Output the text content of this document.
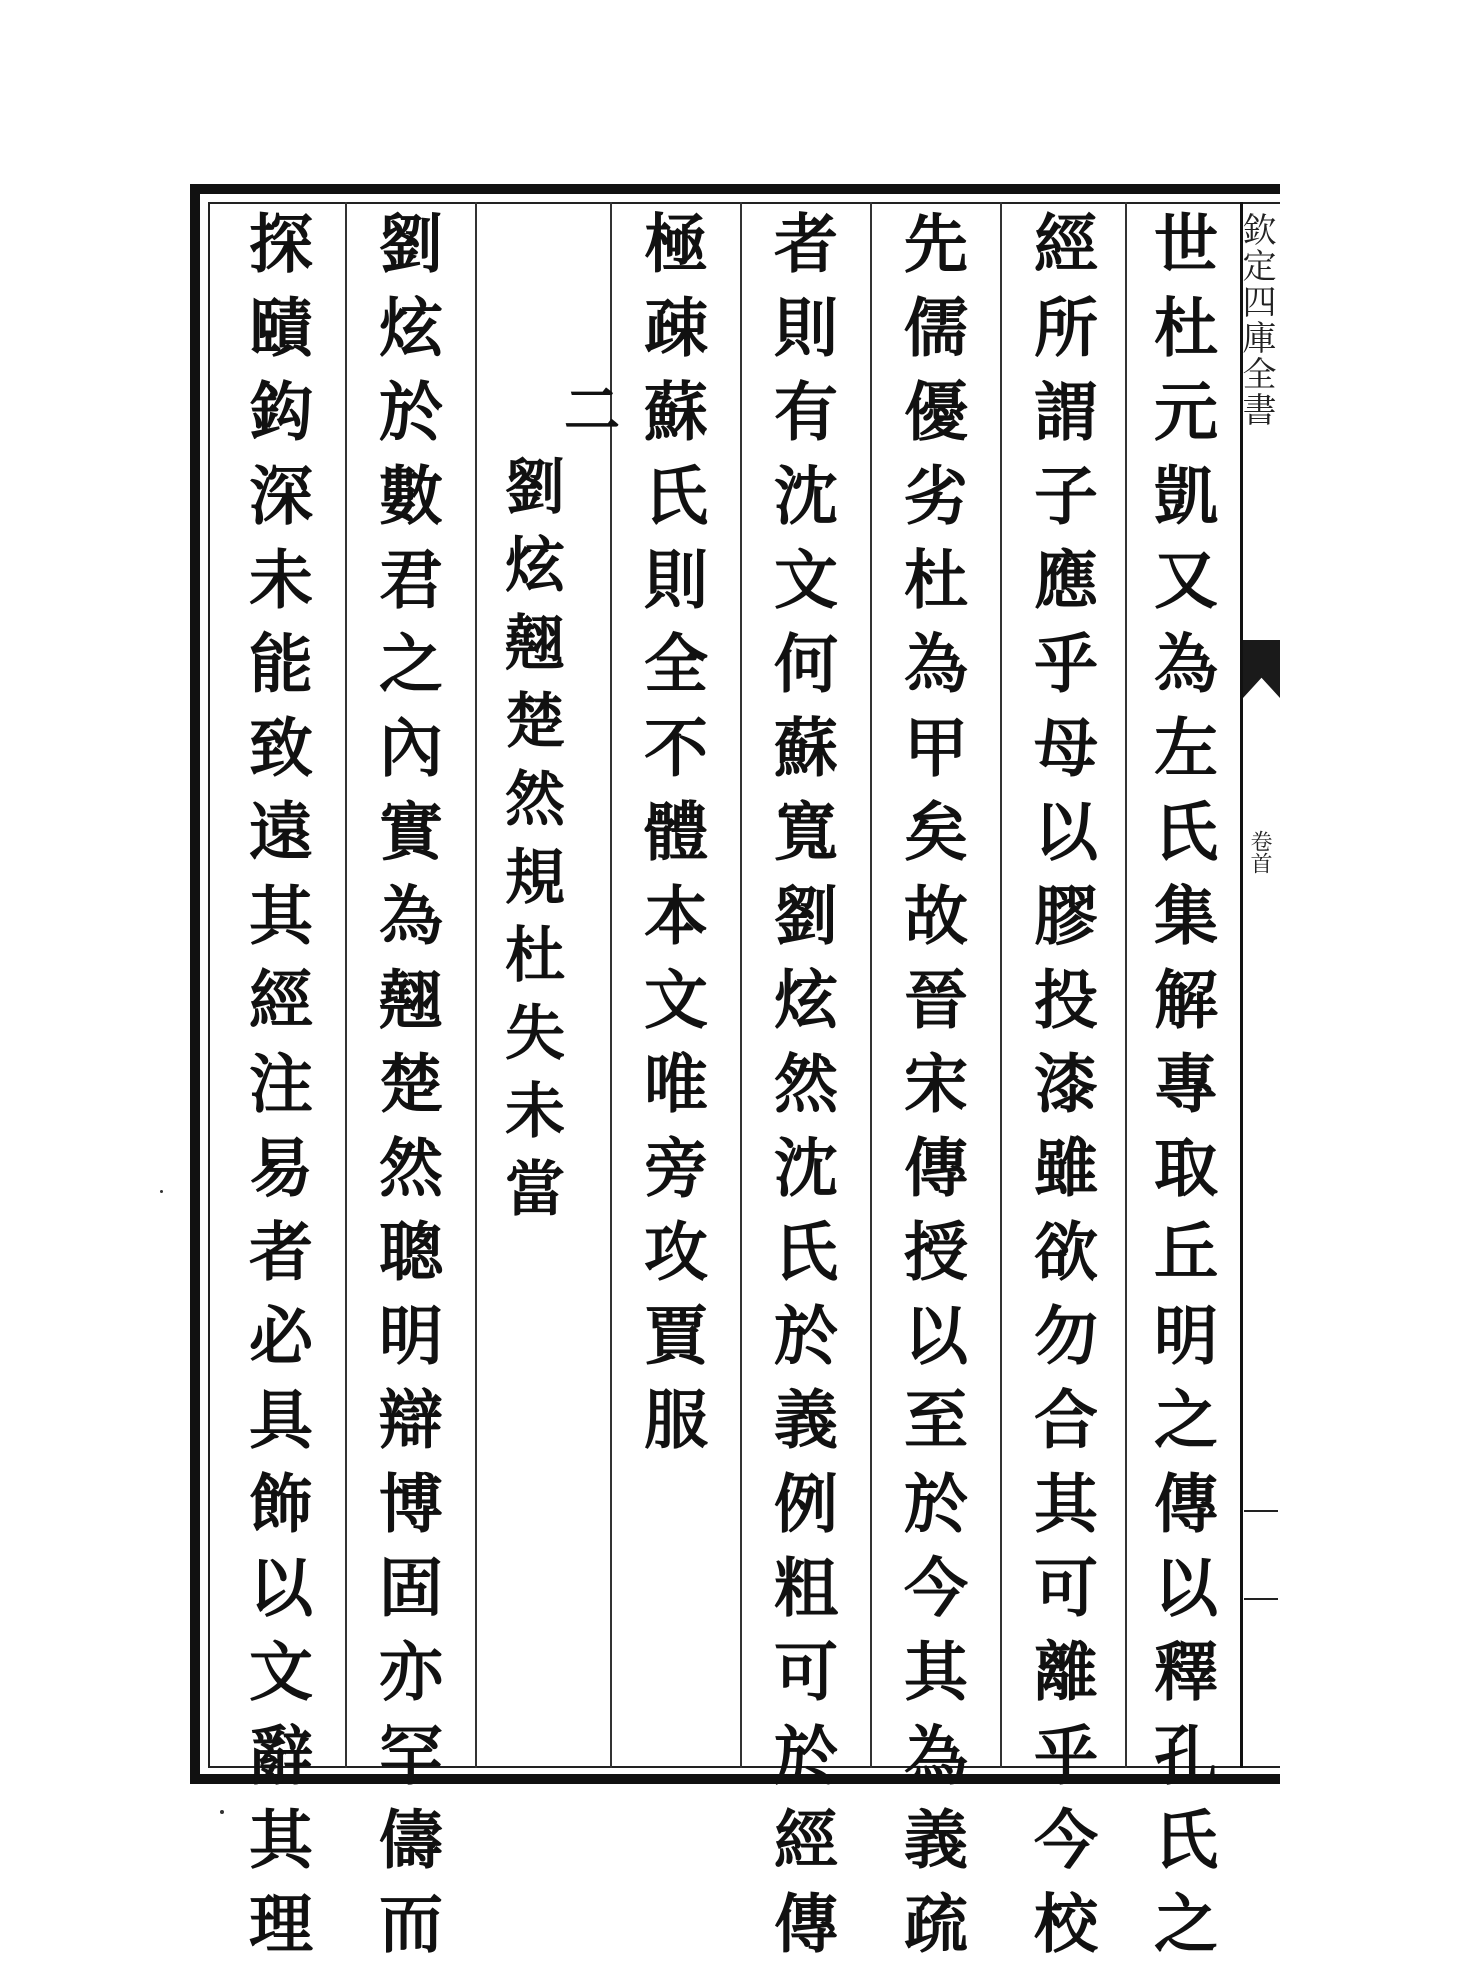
欽定四庫全書
卷首
世杜元凱又為左氏集解專取丘明之傳以釋孔氏之
經所謂子應乎母以膠投漆雖欲勿合其可離乎今校
先儒優劣杜為甲矣故晉宋傳授以至於今其為義疏
者則有沈文何蘇寬劉炫然沈氏於義例粗可於經傳
極疎蘇氏則全不體本文唯旁攻賈服
二
劉炫翹楚然規杜失未當
劉炫於數君之內實為翹楚然聰明辯博固亦罕儔而
探賾鈎深未能致遠其經注易者必具飾以文辭其理
